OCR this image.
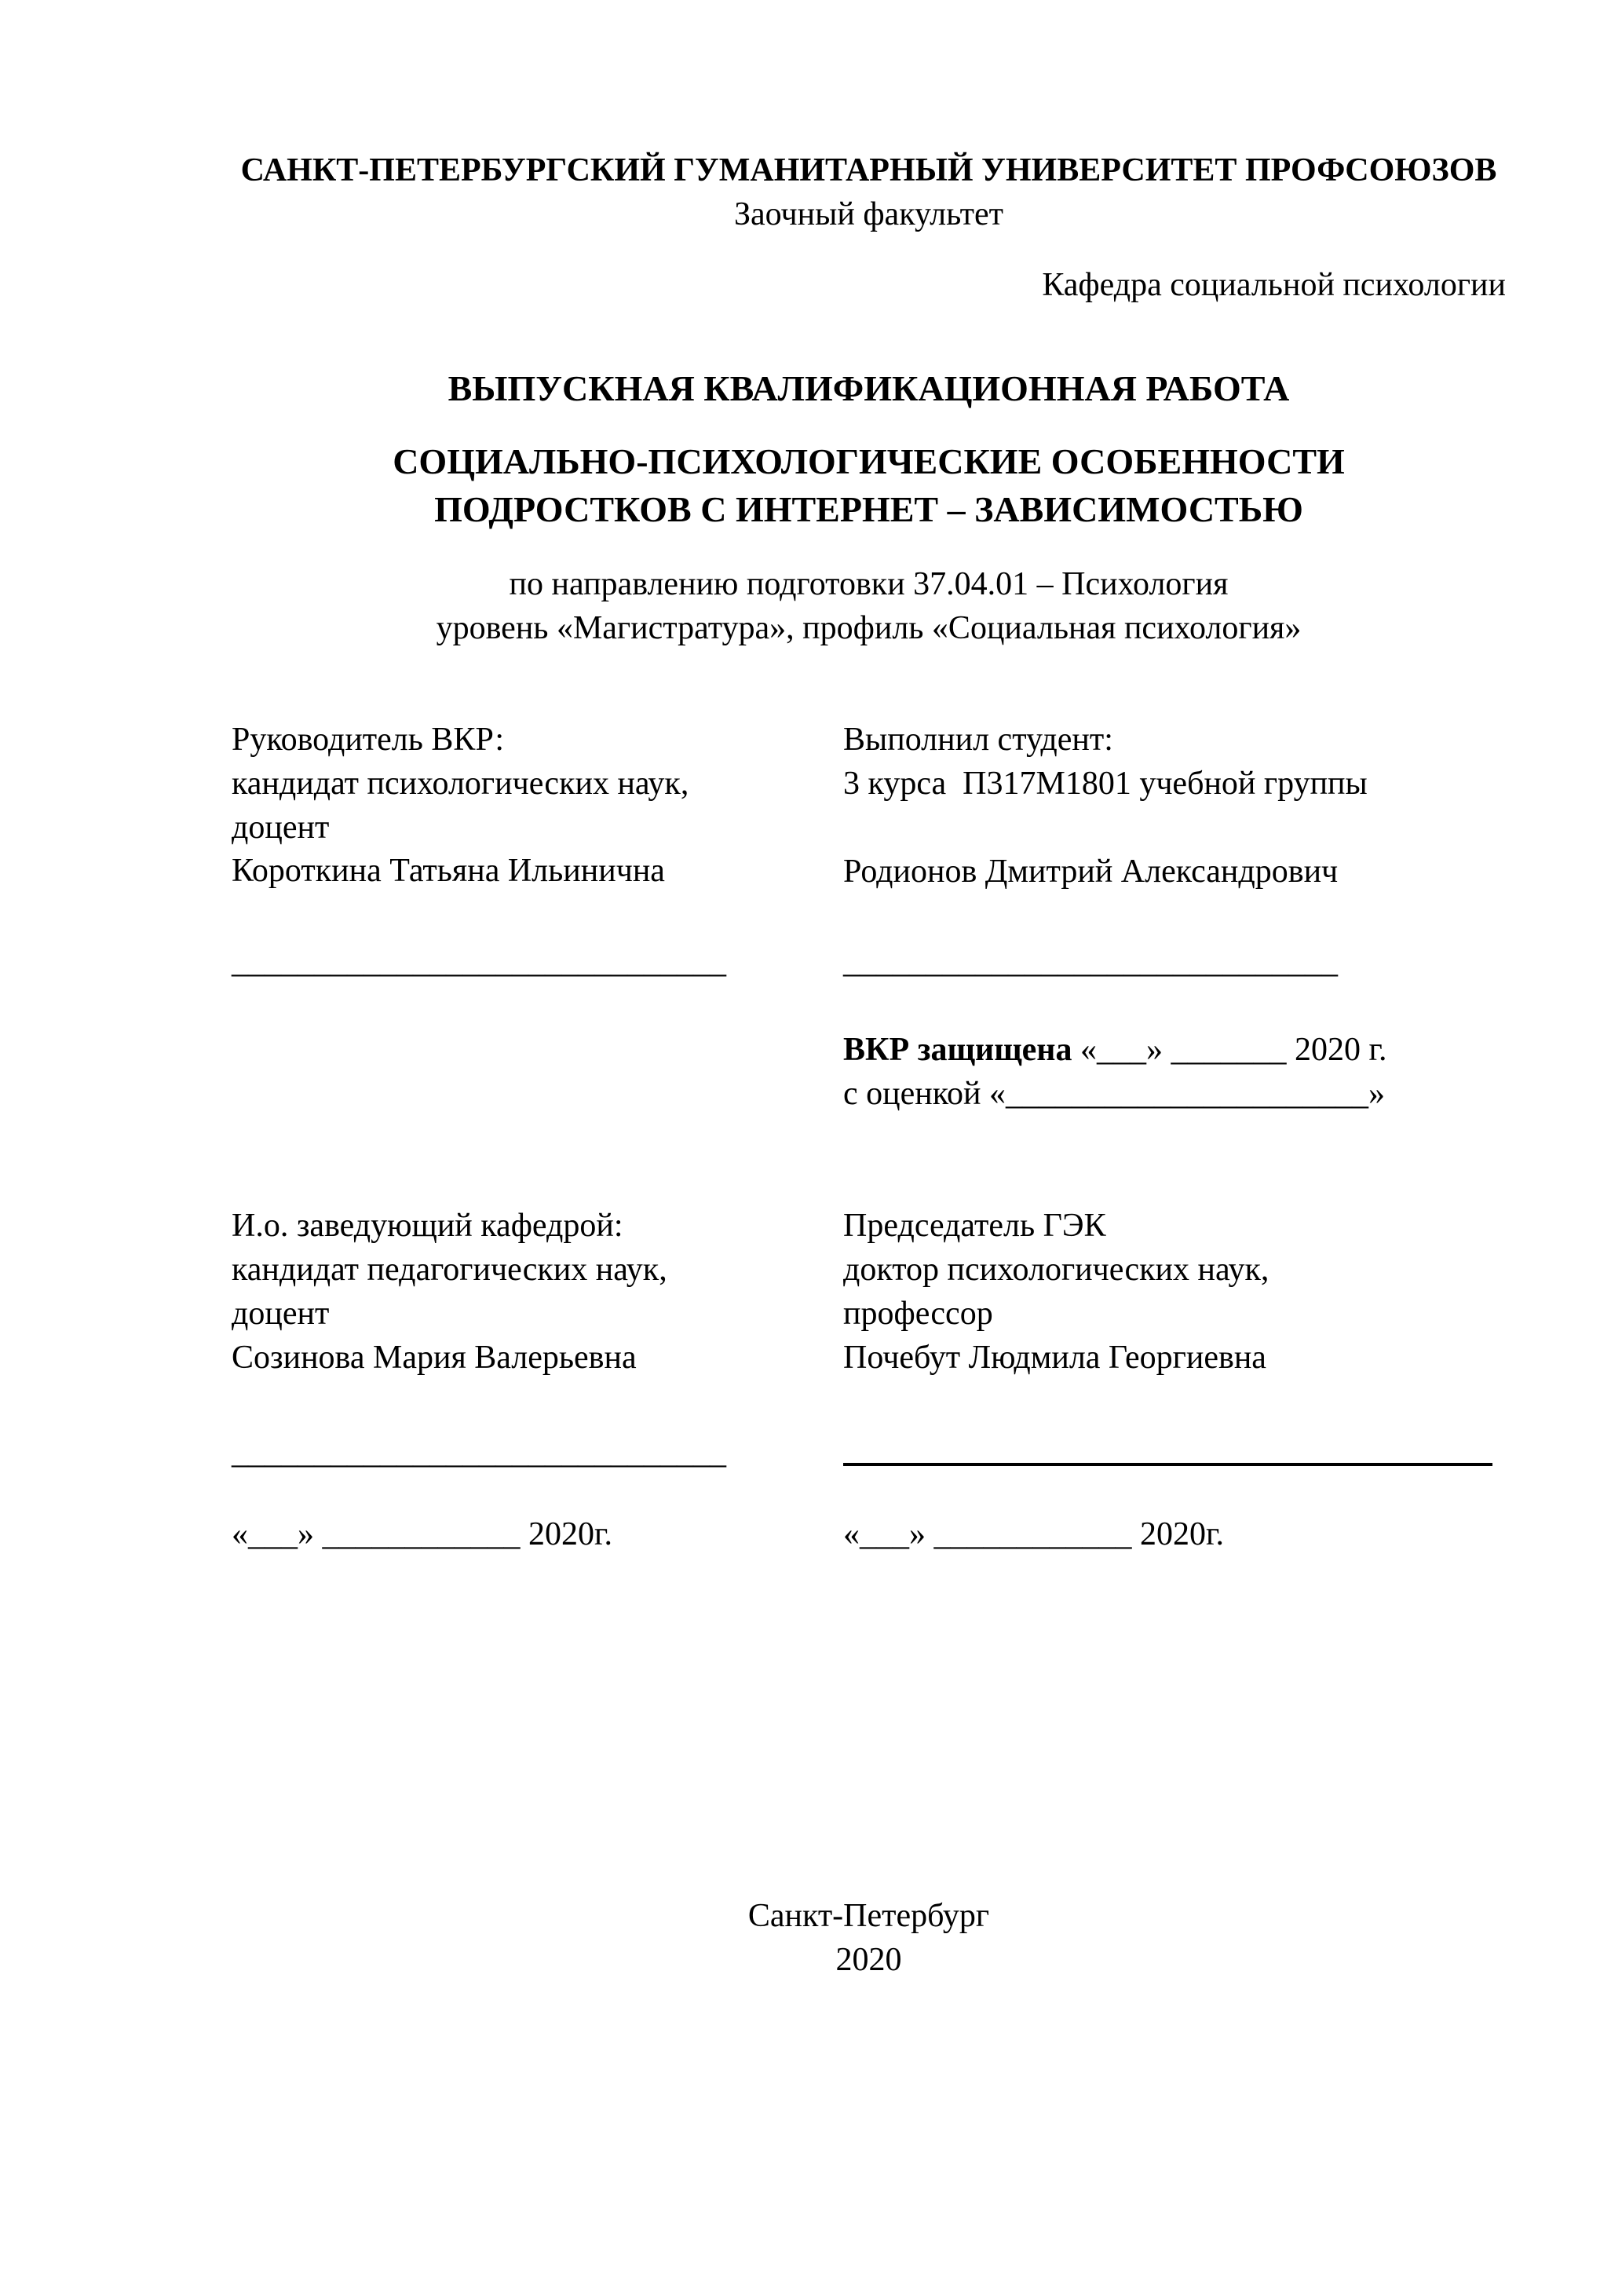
САНКТ-ПЕТЕРБУРГСКИЙ ГУМАНИТАРНЫЙ УНИВЕРСИТЕТ ПРОФСОЮЗОВ
Заочный факультет
Кафедра социальной психологии
ВЫПУСКНАЯ КВАЛИФИКАЦИОННАЯ РАБОТА
СОЦИАЛЬНО-ПСИХОЛОГИЧЕСКИЕ ОСОБЕННОСТИ
ПОДРОСТКОВ С ИНТЕРНЕТ – ЗАВИСИМОСТЬЮ
по направлению подготовки 37.04.01 – Психология
уровень «Магистратура», профиль «Социальная психология»
Руководитель ВКР:
кандидат психологических наук,
доцент
Короткина Татьяна Ильинична
Выполнил студент:
3 курса  П317М1801 учебной группы
Родионов Дмитрий Александрович
______________________________	______________________________
ВКР защищена «___» _______ 2020 г.
с оценкой «______________________»
И.о. заведующий кафедрой:
кандидат педагогических наук,
доцент
Созинова Мария Валерьевна
Председатель ГЭК
доктор психологических наук,
профессор
Почебут Людмила Георгиевна
______________________________
«___» ____________ 2020г.	«___» ____________ 2020г.
Санкт-Петербург
2020
